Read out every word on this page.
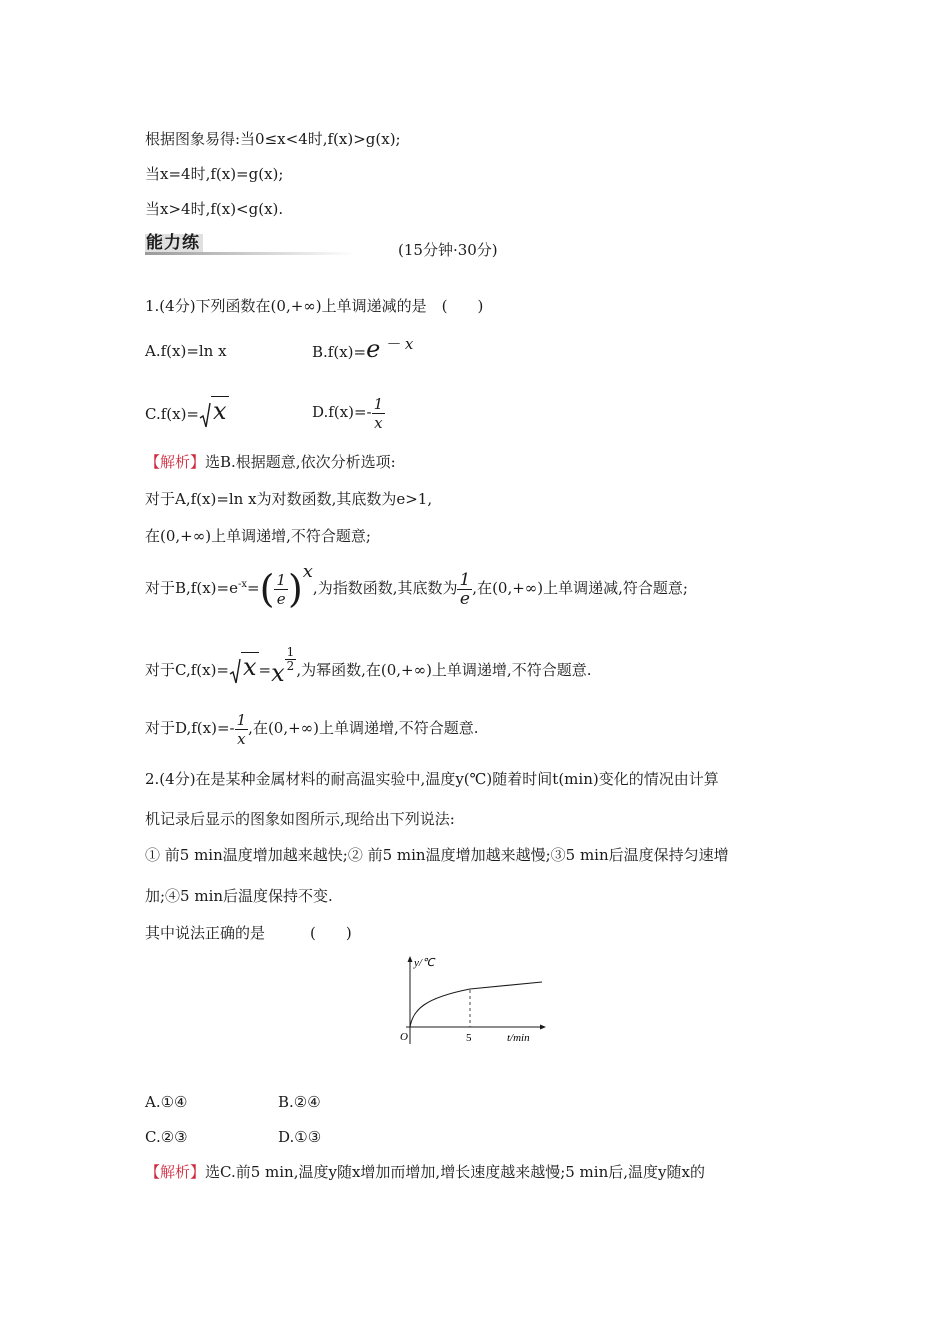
根据图象易得:当0≤x<4时,f(x)>g(x);
当x=4时,f(x)=g(x);
当x>4时,f(x)<g(x).
能力练	(15分钟·30分)
1.(4分)下列函数在(0,+∞)上单调递减的是　(　　)
A.f(x)=ln x	B.f(x)=e － x
C.f(x)= x	$D.f(x)=- \frac{1}{x}$
【解析】选B.根据题意,依次分析选项:
对于A,f(x)=ln x为对数函数,其底数为e>1,
在(0,+∞)上单调递增,不符合题意;
对于$B,f(x)=e^{-x}=( \frac{1}{e} )x$,为指数函数,其底数为 $\frac{1}{e}$ ,在(0,+∞)上单调递减,符合题意;
对于$C,f(x)= x =x \frac{1}{2}$ ,为幂函数,在(0,+∞)上单调递增,不符合题意.
对于$D,f(x)=- \frac{1}{x}$ ,在(0,+∞)上单调递增,不符合题意.
2.(4分)在是某种金属材料的耐高温实验中,温度y(℃)随着时间t(min)变化的情况由计算
机记录后显示的图象如图所示,现给出下列说法:
① 前5 min温度增加越来越快;② 前5 min温度增加越来越慢;③5 min后温度保持匀速增
加;④5 min后温度保持不变.
其中说法正确的是　　　(　　)
y/℃
O	5	t/min
A.①④	B.②④
C.②③	D.①③
【解析】选C.前5 min,温度y随x增加而增加,增长速度越来越慢;5 min后,温度y随x的
